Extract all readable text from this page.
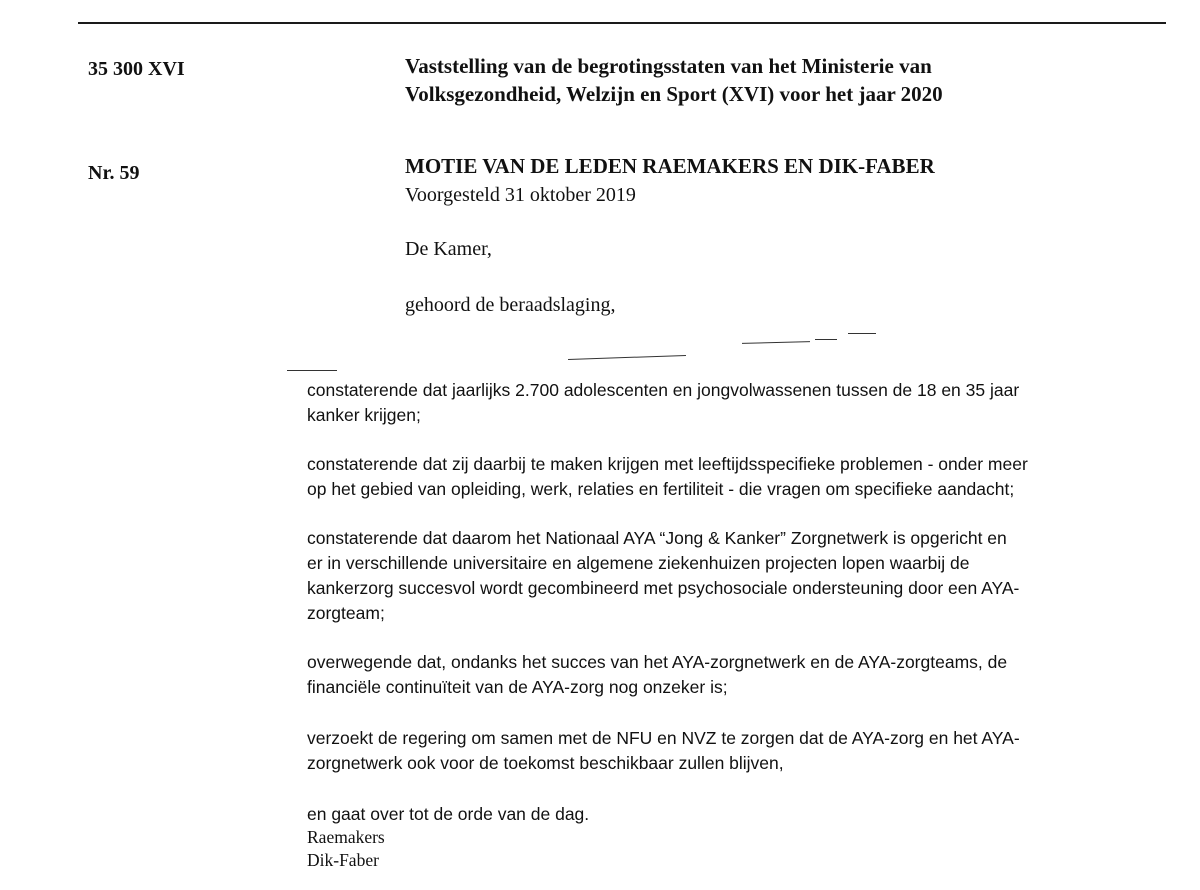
35 300 XVI	Vaststelling van de begrotingsstaten van het Ministerie van
Volksgezondheid, Welzijn en Sport (XVI) voor het jaar 2020
Nr. 59	MOTIE VAN DE LEDEN RAEMAKERS EN DIK-FABER
Voorgesteld 31 oktober 2019
De Kamer,
gehoord de beraadslaging,
constaterende dat jaarlijks 2.700 adolescenten en jongvolwassenen tussen de 18 en 35 jaar
kanker krijgen;
constaterende dat zij daarbij te maken krijgen met leeftijdsspecifieke problemen - onder meer
op het gebied van opleiding, werk, relaties en fertiliteit - die vragen om specifieke aandacht;
constaterende dat daarom het Nationaal AYA “Jong & Kanker” Zorgnetwerk is opgericht en
er in verschillende universitaire en algemene ziekenhuizen projecten lopen waarbij de
kankerzorg succesvol wordt gecombineerd met psychosociale ondersteuning door een AYA-
zorgteam;
overwegende dat, ondanks het succes van het AYA-zorgnetwerk en de AYA-zorgteams, de
financiële continuïteit van de AYA-zorg nog onzeker is;
verzoekt de regering om samen met de NFU en NVZ te zorgen dat de AYA-zorg en het AYA-
zorgnetwerk ook voor de toekomst beschikbaar zullen blijven,
en gaat over tot de orde van de dag.
Raemakers
Dik-Faber
